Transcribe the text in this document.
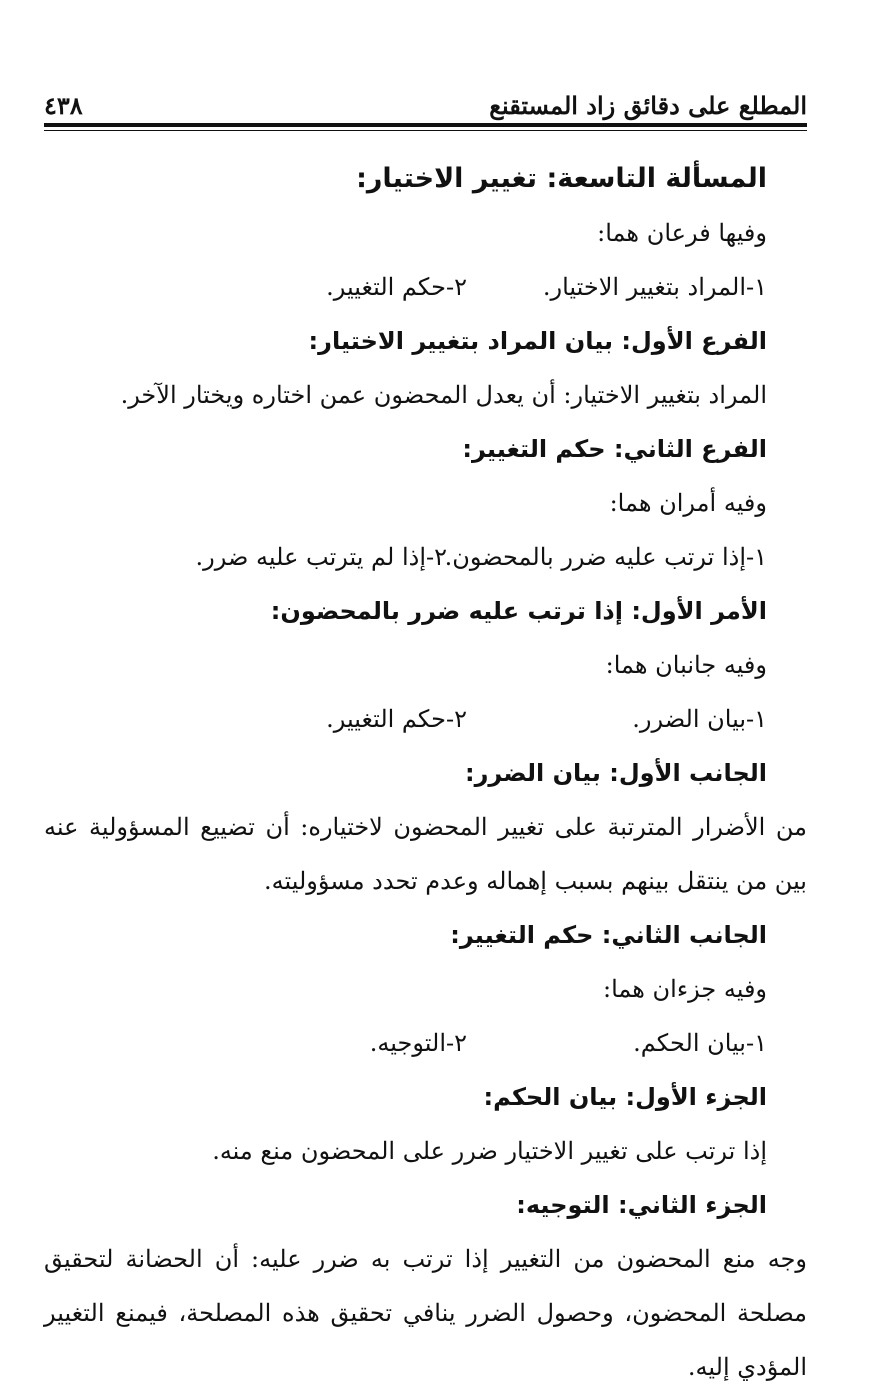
المطلع على دقائق زاد المستقنع
٤٣٨
المسألة التاسعة: تغيير الاختيار:
وفيها فرعان هما:
١-المراد بتغيير الاختيار.
٢-حكم التغيير.
الفرع الأول: بيان المراد بتغيير الاختيار:
المراد بتغيير الاختيار: أن يعدل المحضون عمن اختاره ويختار الآخر.
الفرع الثاني: حكم التغيير:
وفيه أمران هما:
١-إذا ترتب عليه ضرر بالمحضون.
٢-إذا لم يترتب عليه ضرر.
الأمر الأول: إذا ترتب عليه ضرر بالمحضون:
وفيه جانبان هما:
١-بيان الضرر.
٢-حكم التغيير.
الجانب الأول: بيان الضرر:
من الأضرار المترتبة على تغيير المحضون لاختياره: أن تضييع المسؤولية عنه بين من ينتقل بينهم بسبب إهماله وعدم تحدد مسؤوليته.
الجانب الثاني: حكم التغيير:
وفيه جزءان هما:
١-بيان الحكم.
٢-التوجيه.
الجزء الأول: بيان الحكم:
إذا ترتب على تغيير الاختيار ضرر على المحضون منع منه.
الجزء الثاني: التوجيه:
وجه منع المحضون من التغيير إذا ترتب به ضرر عليه: أن الحضانة لتحقيق مصلحة المحضون، وحصول الضرر ينافي تحقيق هذه المصلحة، فيمنع التغيير المؤدي إليه.
